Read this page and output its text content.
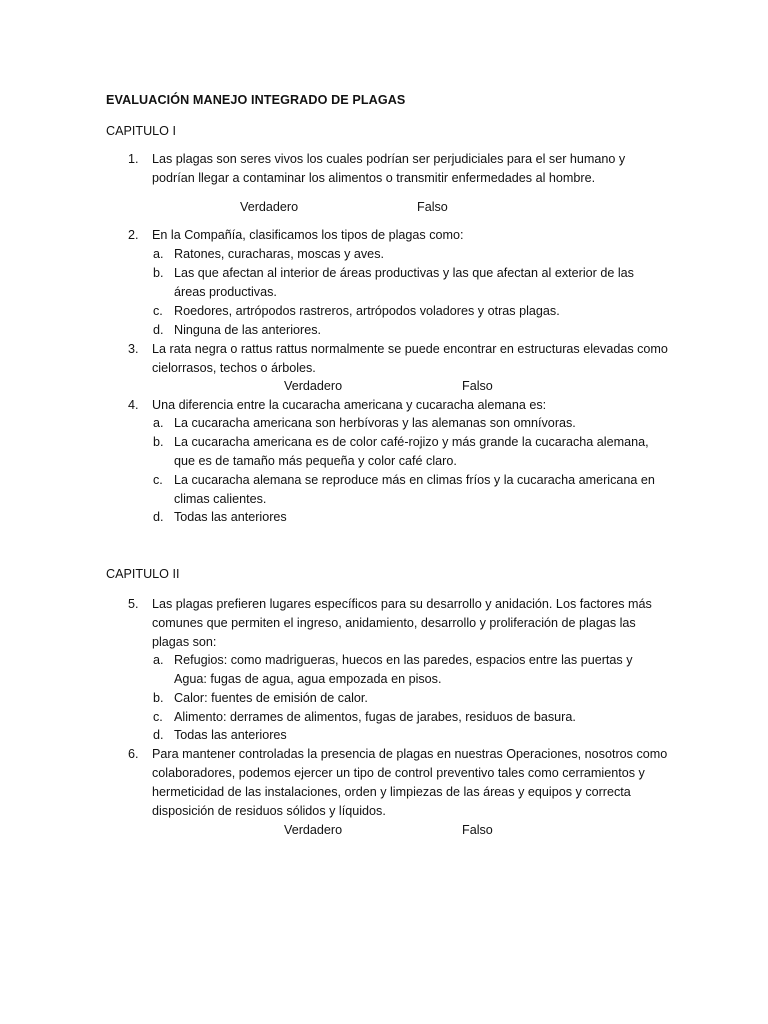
EVALUACIÓN MANEJO INTEGRADO DE PLAGAS
CAPITULO I
1. Las plagas son seres vivos los cuales podrían ser perjudiciales para el ser humano y podrían llegar a contaminar los alimentos o transmitir enfermedades al hombre.
Verdadero	Falso
2. En la Compañía, clasificamos los tipos de plagas como:
a. Ratones, curacharas, moscas y aves.
b. Las que afectan al interior de áreas productivas y las que afectan al exterior de las áreas productivas.
c. Roedores, artrópodos rastreros, artrópodos voladores y otras plagas.
d. Ninguna de las anteriores.
3. La rata negra o rattus rattus normalmente se puede encontrar en estructuras elevadas como cielorrasos, techos o árboles.
Verdadero	Falso
4. Una diferencia entre la cucaracha americana y cucaracha alemana es:
a. La cucaracha americana son herbívoras y las alemanas son omnívoras.
b. La cucaracha americana es de color café-rojizo y más grande la cucaracha alemana, que es de tamaño más pequeña y color café claro.
c. La cucaracha alemana se reproduce más en climas fríos y la cucaracha americana en climas calientes.
d. Todas las anteriores
CAPITULO II
5. Las plagas prefieren lugares específicos para su desarrollo y anidación. Los factores más comunes que permiten el ingreso, anidamiento, desarrollo y proliferación de plagas las plagas son:
a. Refugios: como madrigueras, huecos en las paredes, espacios entre las puertas y Agua: fugas de agua, agua empozada en pisos.
b. Calor: fuentes de emisión de calor.
c. Alimento: derrames de alimentos, fugas de jarabes, residuos de basura.
d. Todas las anteriores
6. Para mantener controladas la presencia de plagas en nuestras Operaciones, nosotros como colaboradores, podemos ejercer un tipo de control preventivo tales como cerramientos y hermeticidad de las instalaciones, orden y limpiezas de las áreas y equipos y correcta disposición de residuos sólidos y líquidos.
Verdadero	Falso
